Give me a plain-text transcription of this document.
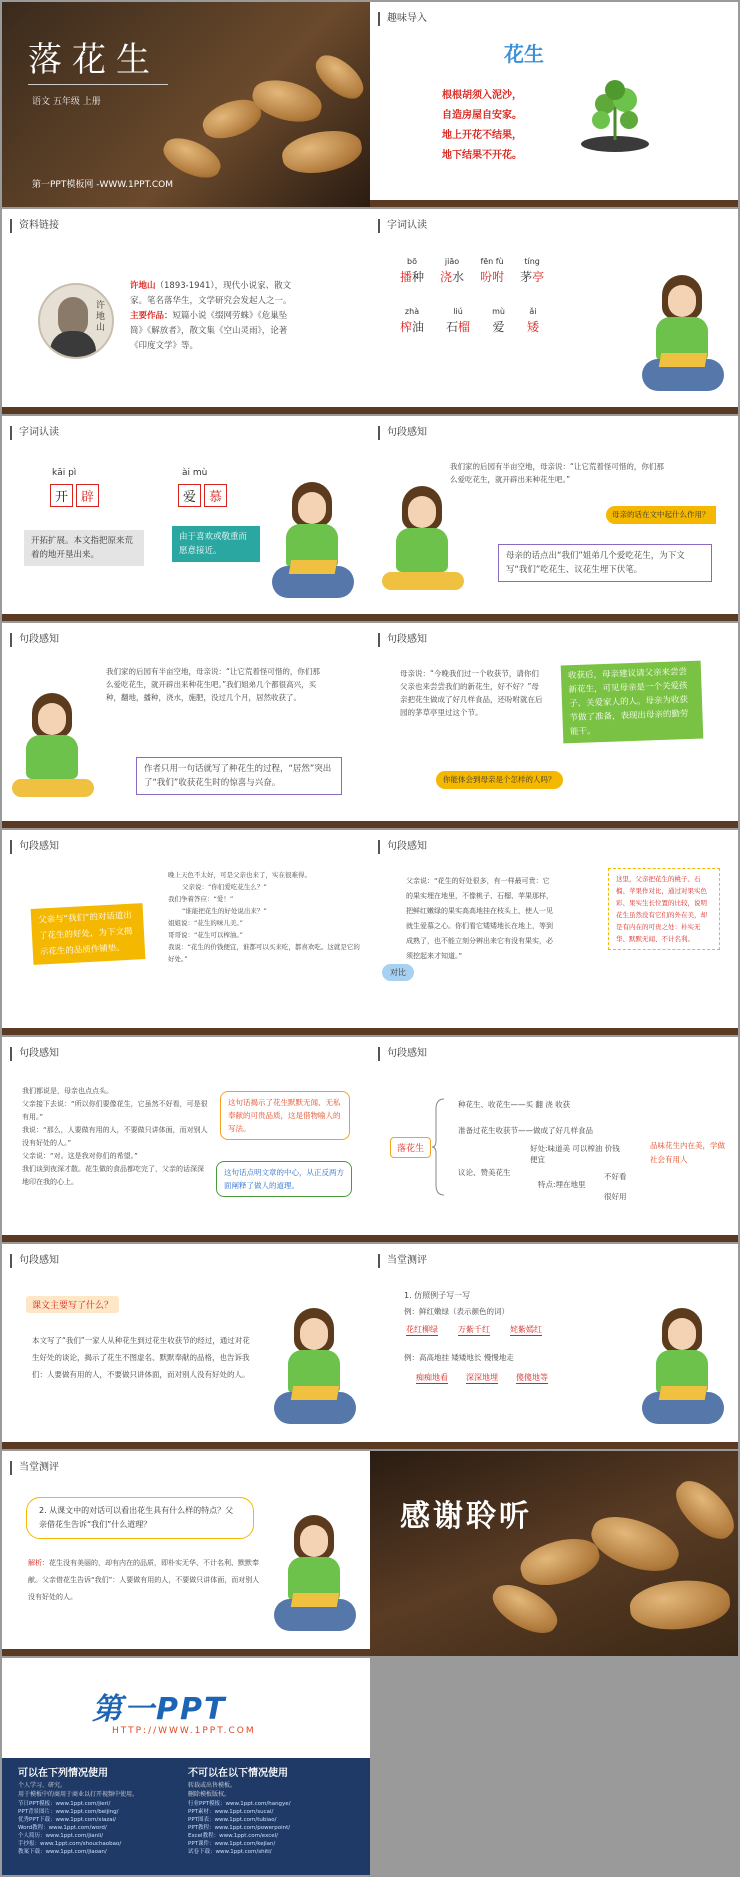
落花生
语文 五年级 上册
第一PPT模板网 -WWW.1PPT.COM
趣味导入
花生
根根胡须入泥沙，
自造房屋自安家。
地上开花不结果，
地下结果不开花。
资料链接
许地山
许地山（1893-1941），现代小说家、散文家。笔名落华生，文学研究会发起人之一。
主要作品：短篇小说《缀网劳蛛》《危巢坠简》《解放者》，散文集《空山灵雨》，论著《印度文学》等。
字词认读
bō
播种
jiāo
浇水
fēn fù
吩咐
tíng
茅亭
zhà
榨油
liú
石榴
mù
爱
ǎi
矮
字词认读
kāi pì
开	辟
ài mù
爱	慕
开拓扩展。本文指把原来荒着的地开垦出来。
由于喜欢或敬重而愿意接近。
句段感知
我们家的后园有半亩空地，母亲说：“让它荒着怪可惜的，你们那么爱吃花生，就开辟出来种花生吧。”
母亲的话在文中起什么作用？
母亲的话点出“我们”姐弟几个爱吃花生，为下文写“我们”吃花生、议花生埋下伏笔。
句段感知
我们家的后园有半亩空地，母亲说：“让它荒着怪可惜的，你们那么爱吃花生，就开辟出来种花生吧。”我们姐弟几个都很高兴，买种，翻地，播种，浇水，施肥，没过几个月，居然收获了。
作者只用一句话就写了种花生的过程，“居然”突出了“我们”收获花生时的惊喜与兴奋。
句段感知
母亲说：“今晚我们过一个收获节，请你们父亲也来尝尝我们的新花生，好不好？”母亲把花生做成了好几样食品，还吩咐就在后园的茅草亭里过这个节。
收获后，母亲建议请父亲来尝尝新花生，可见母亲是一个关爱孩子、关爱家人的人。母亲为收获节做了准备，表现出母亲的勤劳能干。
你能体会到母亲是个怎样的人吗？
句段感知
父亲与“我们”的对话道出了花生的好处，为下文揭示花生的品质作铺垫。
晚上天色不太好，可是父亲也来了，实在很难得。
父亲说：“你们爱吃花生么？”
我们争着答应：“爱！”
“谁能把花生的好处说出来？”
姐姐说：“花生的味儿美。”
哥哥说：“花生可以榨油。”
我说：“花生的价钱便宜，谁都可以买来吃，都喜欢吃。这就是它的好处。”
句段感知
父亲说：“花生的好处很多，有一样最可贵：它的果实埋在地里，不像桃子、石榴、苹果那样，把鲜红嫩绿的果实高高地挂在枝头上，使人一见就生爱慕之心。你们看它矮矮地长在地上，等到成熟了，也不能立刻分辨出来它有没有果实，必须挖起来才知道。”
对比
这里，父亲把花生的桃子、石榴、苹果作对比，通过对果实色彩、果实生长位置的比较，说明花生虽然没有它们的外在美，却是有内在的可贵之处：朴实无华、默默无闻、不计名利。
句段感知
我们都说是，母亲也点点头。
父亲接下去说：“所以你们要像花生，它虽然不好看，可是很有用。”
我说：“那么，人要做有用的人，不要做只讲体面，而对别人没有好处的人。”
父亲说：“对。这是我对你们的希望。”
我们谈到夜深才散。花生做的食品都吃完了，父亲的话深深地印在我的心上。
这句话揭示了花生默默无闻、无私奉献的可贵品质，这是借物喻人的写法。
这句话点明文章的中心，从正反两方面阐释了做人的道理。
句段感知
落花生
种花生、收花生——买 翻 浇 收获
准备过花生收获节——做成了好几样食品
议论、赞美花生
好处:味道美 可以榨油 价钱便宜
特点:埋在地里
不好看
很好用
品味花生内在美，学做社会有用人
句段感知
课文主要写了什么？
本文写了“我们”一家人从种花生到过花生收获节的经过，通过对花生好处的谈论，揭示了花生不图虚名、默默奉献的品格，也告诉我们：人要做有用的人，不要做只讲体面，而对别人没有好处的人。
当堂测评
1. 仿照例子写一写
例：鲜红嫩绿（表示颜色的词）
花红柳绿	万紫千红	姹紫嫣红
例：高高地挂 矮矮地长 慢慢地走
痴痴地看 深深地埋 傻傻地等
当堂测评
2. 从课文中的对话可以看出花生具有什么样的特点？父亲借花生告诉“我们”什么道理？
解析：花生没有美丽的，却有内在的品质，即朴实无华、不计名利、默默奉献。父亲借花生告诉“我们”：人要做有用的人，不要做只讲体面，而对别人没有好处的人。
感谢聆听
第一PPT
HTTP://WWW.1PPT.COM
可以在下列情况使用
个人学习、研究。
用于模板中的商用于商业以打开视频中使用。
不可以在以下情况使用
转载或出售模板。
删除模板版权。
节日PPT模板：www.1ppt.com/jieri/
PPT背景图片：www.1ppt.com/beijing/
优秀PPT下载：www.1ppt.com/xiazai/
Word教程：www.1ppt.com/word/
个人简历：www.1ppt.com/jianli/
手抄报：www.1ppt.com/shouchaobao/
教案下载：www.1ppt.com/jiaoan/
行业PPT模板：www.1ppt.com/hangye/
PPT素材：www.1ppt.com/sucai/
PPT图表：www.1ppt.com/tubiao/
PPT教程：www.1ppt.com/powerpoint/
Excel教程：www.1ppt.com/excel/
PPT课件：www.1ppt.com/kejian/
试卷下载：www.1ppt.com/shiti/
